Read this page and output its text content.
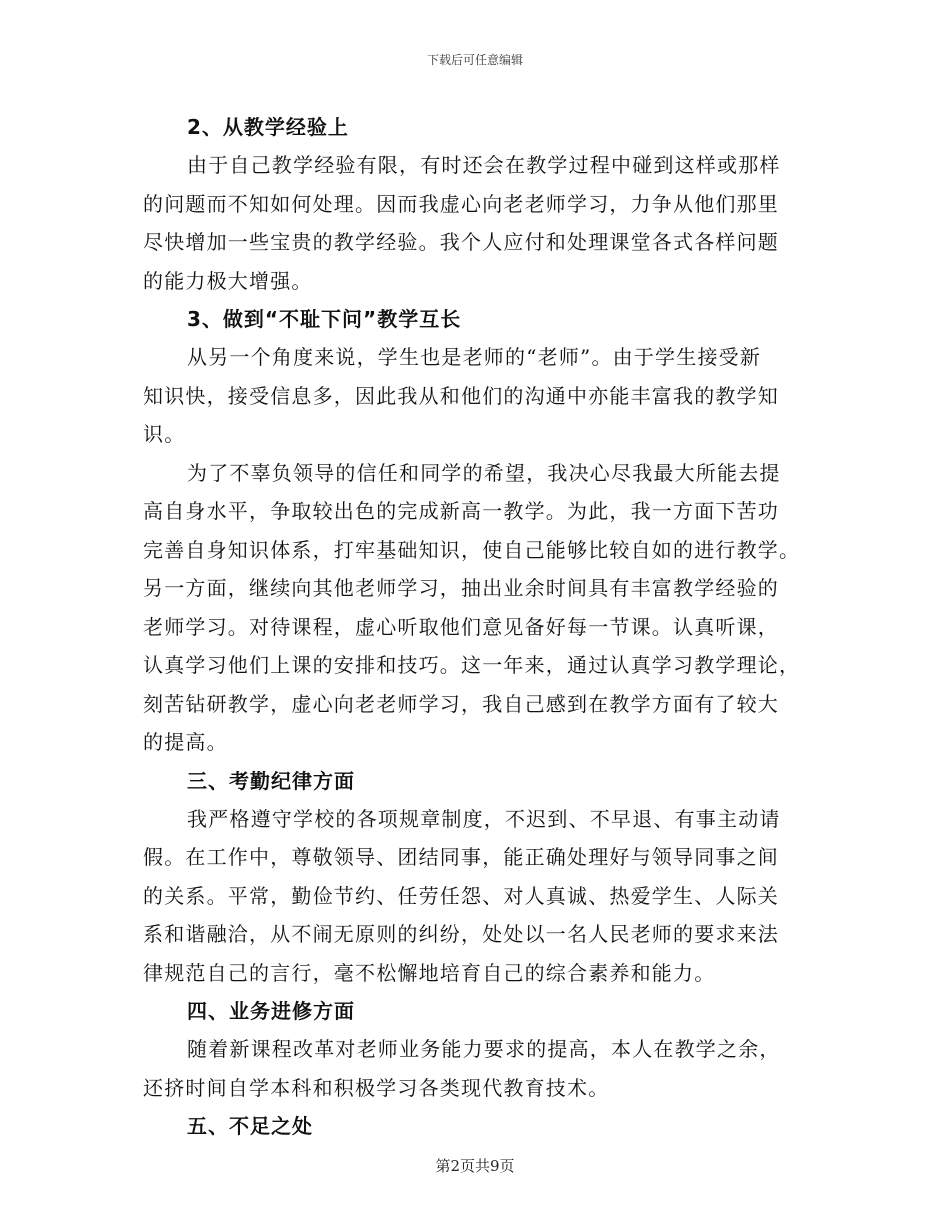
下载后可任意编辑
2、从教学经验上
由于自己教学经验有限，有时还会在教学过程中碰到这样或那样
的问题而不知如何处理。因而我虚心向老老师学习，力争从他们那里
尽快增加一些宝贵的教学经验。我个人应付和处理课堂各式各样问题
的能力极大增强。
3、做到“不耻下问”教学互长
从另一个角度来说，学生也是老师的“老师”。由于学生接受新
知识快，接受信息多，因此我从和他们的沟通中亦能丰富我的教学知
识。
为了不辜负领导的信任和同学的希望，我决心尽我最大所能去提
高自身水平，争取较出色的完成新高一教学。为此，我一方面下苦功
完善自身知识体系，打牢基础知识，使自己能够比较自如的进行教学。
另一方面，继续向其他老师学习，抽出业余时间具有丰富教学经验的
老师学习。对待课程，虚心听取他们意见备好每一节课。认真听课，
认真学习他们上课的安排和技巧。这一年来，通过认真学习教学理论，
刻苦钻研教学，虚心向老老师学习，我自己感到在教学方面有了较大
的提高。
三、考勤纪律方面
我严格遵守学校的各项规章制度，不迟到、不早退、有事主动请
假。在工作中，尊敬领导、团结同事，能正确处理好与领导同事之间
的关系。平常，勤俭节约、任劳任怨、对人真诚、热爱学生、人际关
系和谐融洽，从不闹无原则的纠纷，处处以一名人民老师的要求来法
律规范自己的言行，毫不松懈地培育自己的综合素养和能力。
四、业务进修方面
随着新课程改革对老师业务能力要求的提高，本人在教学之余，
还挤时间自学本科和积极学习各类现代教育技术。
五、不足之处
第2页共9页
